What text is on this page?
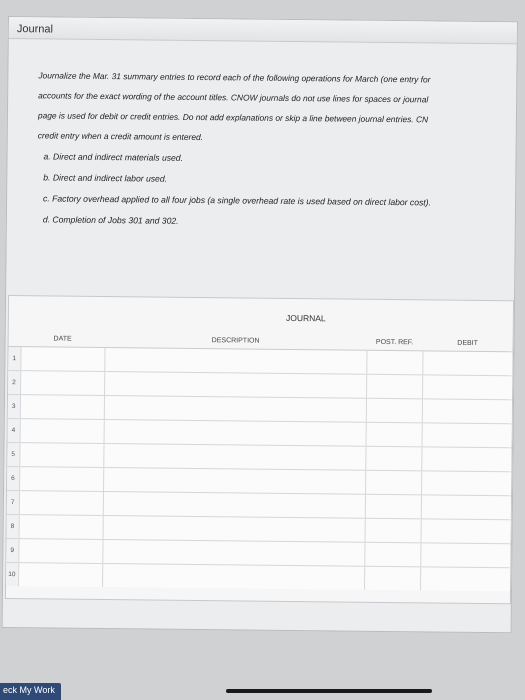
Journal
Journalize the Mar. 31 summary entries to record each of the following operations for March (one entry for
accounts for the exact wording of the account titles. CNOW journals do not use lines for spaces or journal
page is used for debit or credit entries. Do not add explanations or skip a line between journal entries. CN
credit entry when a credit amount is entered.
a. Direct and indirect materials used.
b. Direct and indirect labor used.
c. Factory overhead applied to all four jobs (a single overhead rate is used based on direct labor cost).
d. Completion of Jobs 301 and 302.
JOURNAL
	DATE	DESCRIPTION	POST. REF.	DEBIT
1				
2				
3				
4				
5				
6				
7				
8				
9				
10				
eck My Work
